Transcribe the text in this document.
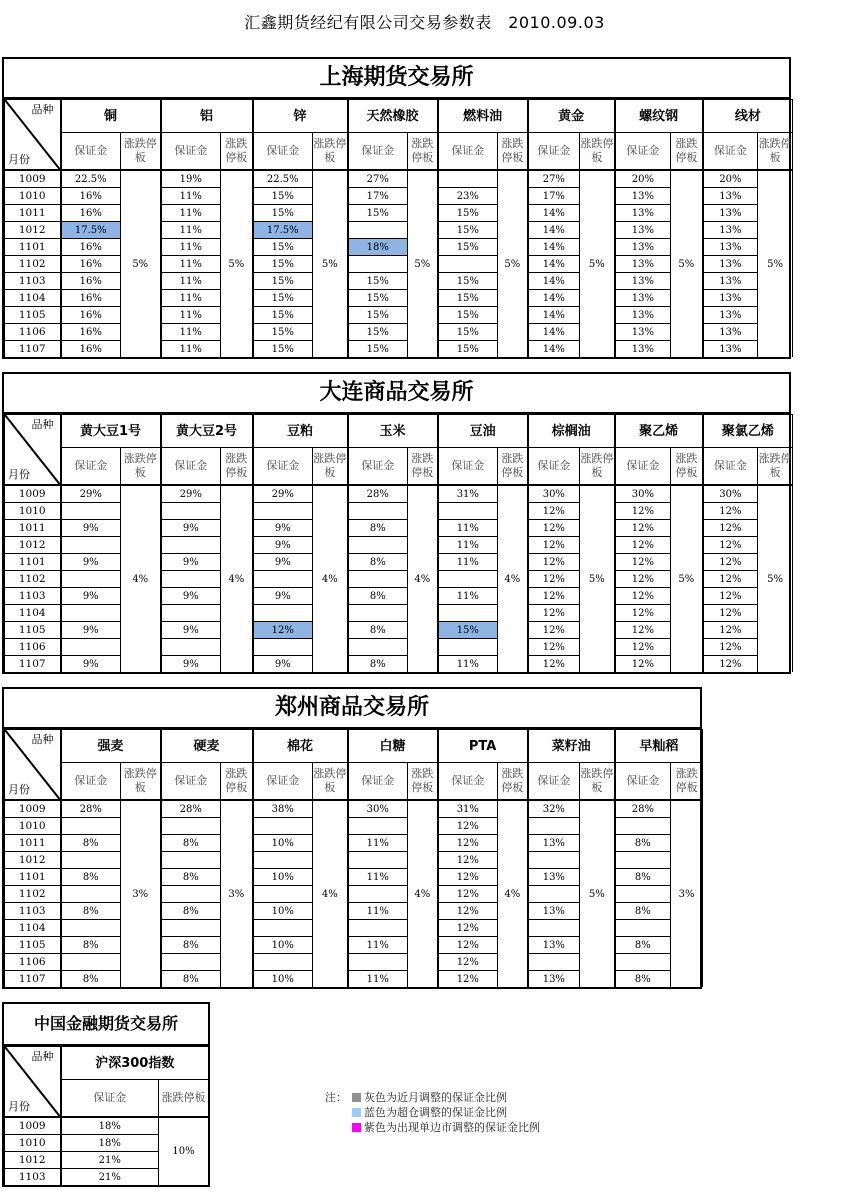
汇鑫期货经纪有限公司交易参数表　2010.09.03
上海期货交易所
品种
月份	铜		铝		锌		天然橡胶		燃料油		黄金		螺纹钢		线材	
	保证金	涨跌停板	保证金	涨跌停板	保证金	涨跌停板	保证金	涨跌停板	保证金	涨跌停板	保证金	涨跌停板	保证金	涨跌停板	保证金	涨跌停板
1009	22.5%	5%	19%	5%	22.5%	5%	27%	5%		5%	27%	5%	20%	5%	20%	5%
1010	16%		11%		15%		17%		23%		17%		13%		13%	
1011	16%		11%		15%		15%		15%		14%		13%		13%	
1012	17.5%		11%		17.5%				15%		14%		13%		13%	
1101	16%		11%		15%		18%		15%		14%		13%		13%	
1102	16%		11%		15%						14%		13%		13%	
1103	16%		11%		15%		15%		15%		14%		13%		13%	
1104	16%		11%		15%		15%		15%		14%		13%		13%	
1105	16%		11%		15%		15%		15%		14%		13%		13%	
1106	16%		11%		15%		15%		15%		14%		13%		13%	
1107	16%		11%		15%		15%		15%		14%		13%		13%	
大连商品交易所
品种
月份	黄大豆1号		黄大豆2号		豆粕		玉米		豆油		棕榈油		聚乙烯		聚氯乙烯	
	保证金	涨跌停板	保证金	涨跌停板	保证金	涨跌停板	保证金	涨跌停板	保证金	涨跌停板	保证金	涨跌停板	保证金	涨跌停板	保证金	涨跌停板
1009	29%	4%	29%	4%	29%	4%	28%	4%	31%	4%	30%	5%	30%	5%	30%	5%
1010											12%		12%		12%	
1011	9%		9%		9%		8%		11%		12%		12%		12%	
1012					9%				11%		12%		12%		12%	
1101	9%		9%		9%		8%		11%		12%		12%		12%	
1102											12%		12%		12%	
1103	9%		9%		9%		8%		11%		12%		12%		12%	
1104											12%		12%		12%	
1105	9%		9%		12%		8%		15%		12%		12%		12%	
1106											12%		12%		12%	
1107	9%		9%		9%		8%		11%		12%		12%		12%	
郑州商品交易所
品种
月份	强麦		硬麦		棉花		白糖		PTA		菜籽油		早籼稻	
	保证金	涨跌停板	保证金	涨跌停板	保证金	涨跌停板	保证金	涨跌停板	保证金	涨跌停板	保证金	涨跌停板	保证金	涨跌停板
1009	28%	3%	28%	3%	38%	4%	30%	4%	31%	4%	32%	5%	28%	3%
1010									12%					
1011	8%		8%		10%		11%		12%		13%		8%	
1012									12%					
1101	8%		8%		10%		11%		12%		13%		8%	
1102									12%					
1103	8%		8%		10%		11%		12%		13%		8%	
1104									12%					
1105	8%		8%		10%		11%		12%		13%		8%	
1106									12%					
1107	8%		8%		10%		11%		12%		13%		8%	
中国金融期货交易所
品种
月份	沪深300指数	
	保证金	涨跌停板
1009	18%	10%
1010	18%	
1012	21%	
1103	21%	
注：	灰色为近月调整的保证金比例
蓝色为超仓调整的保证金比例
紫色为出现单边市调整的保证金比例
